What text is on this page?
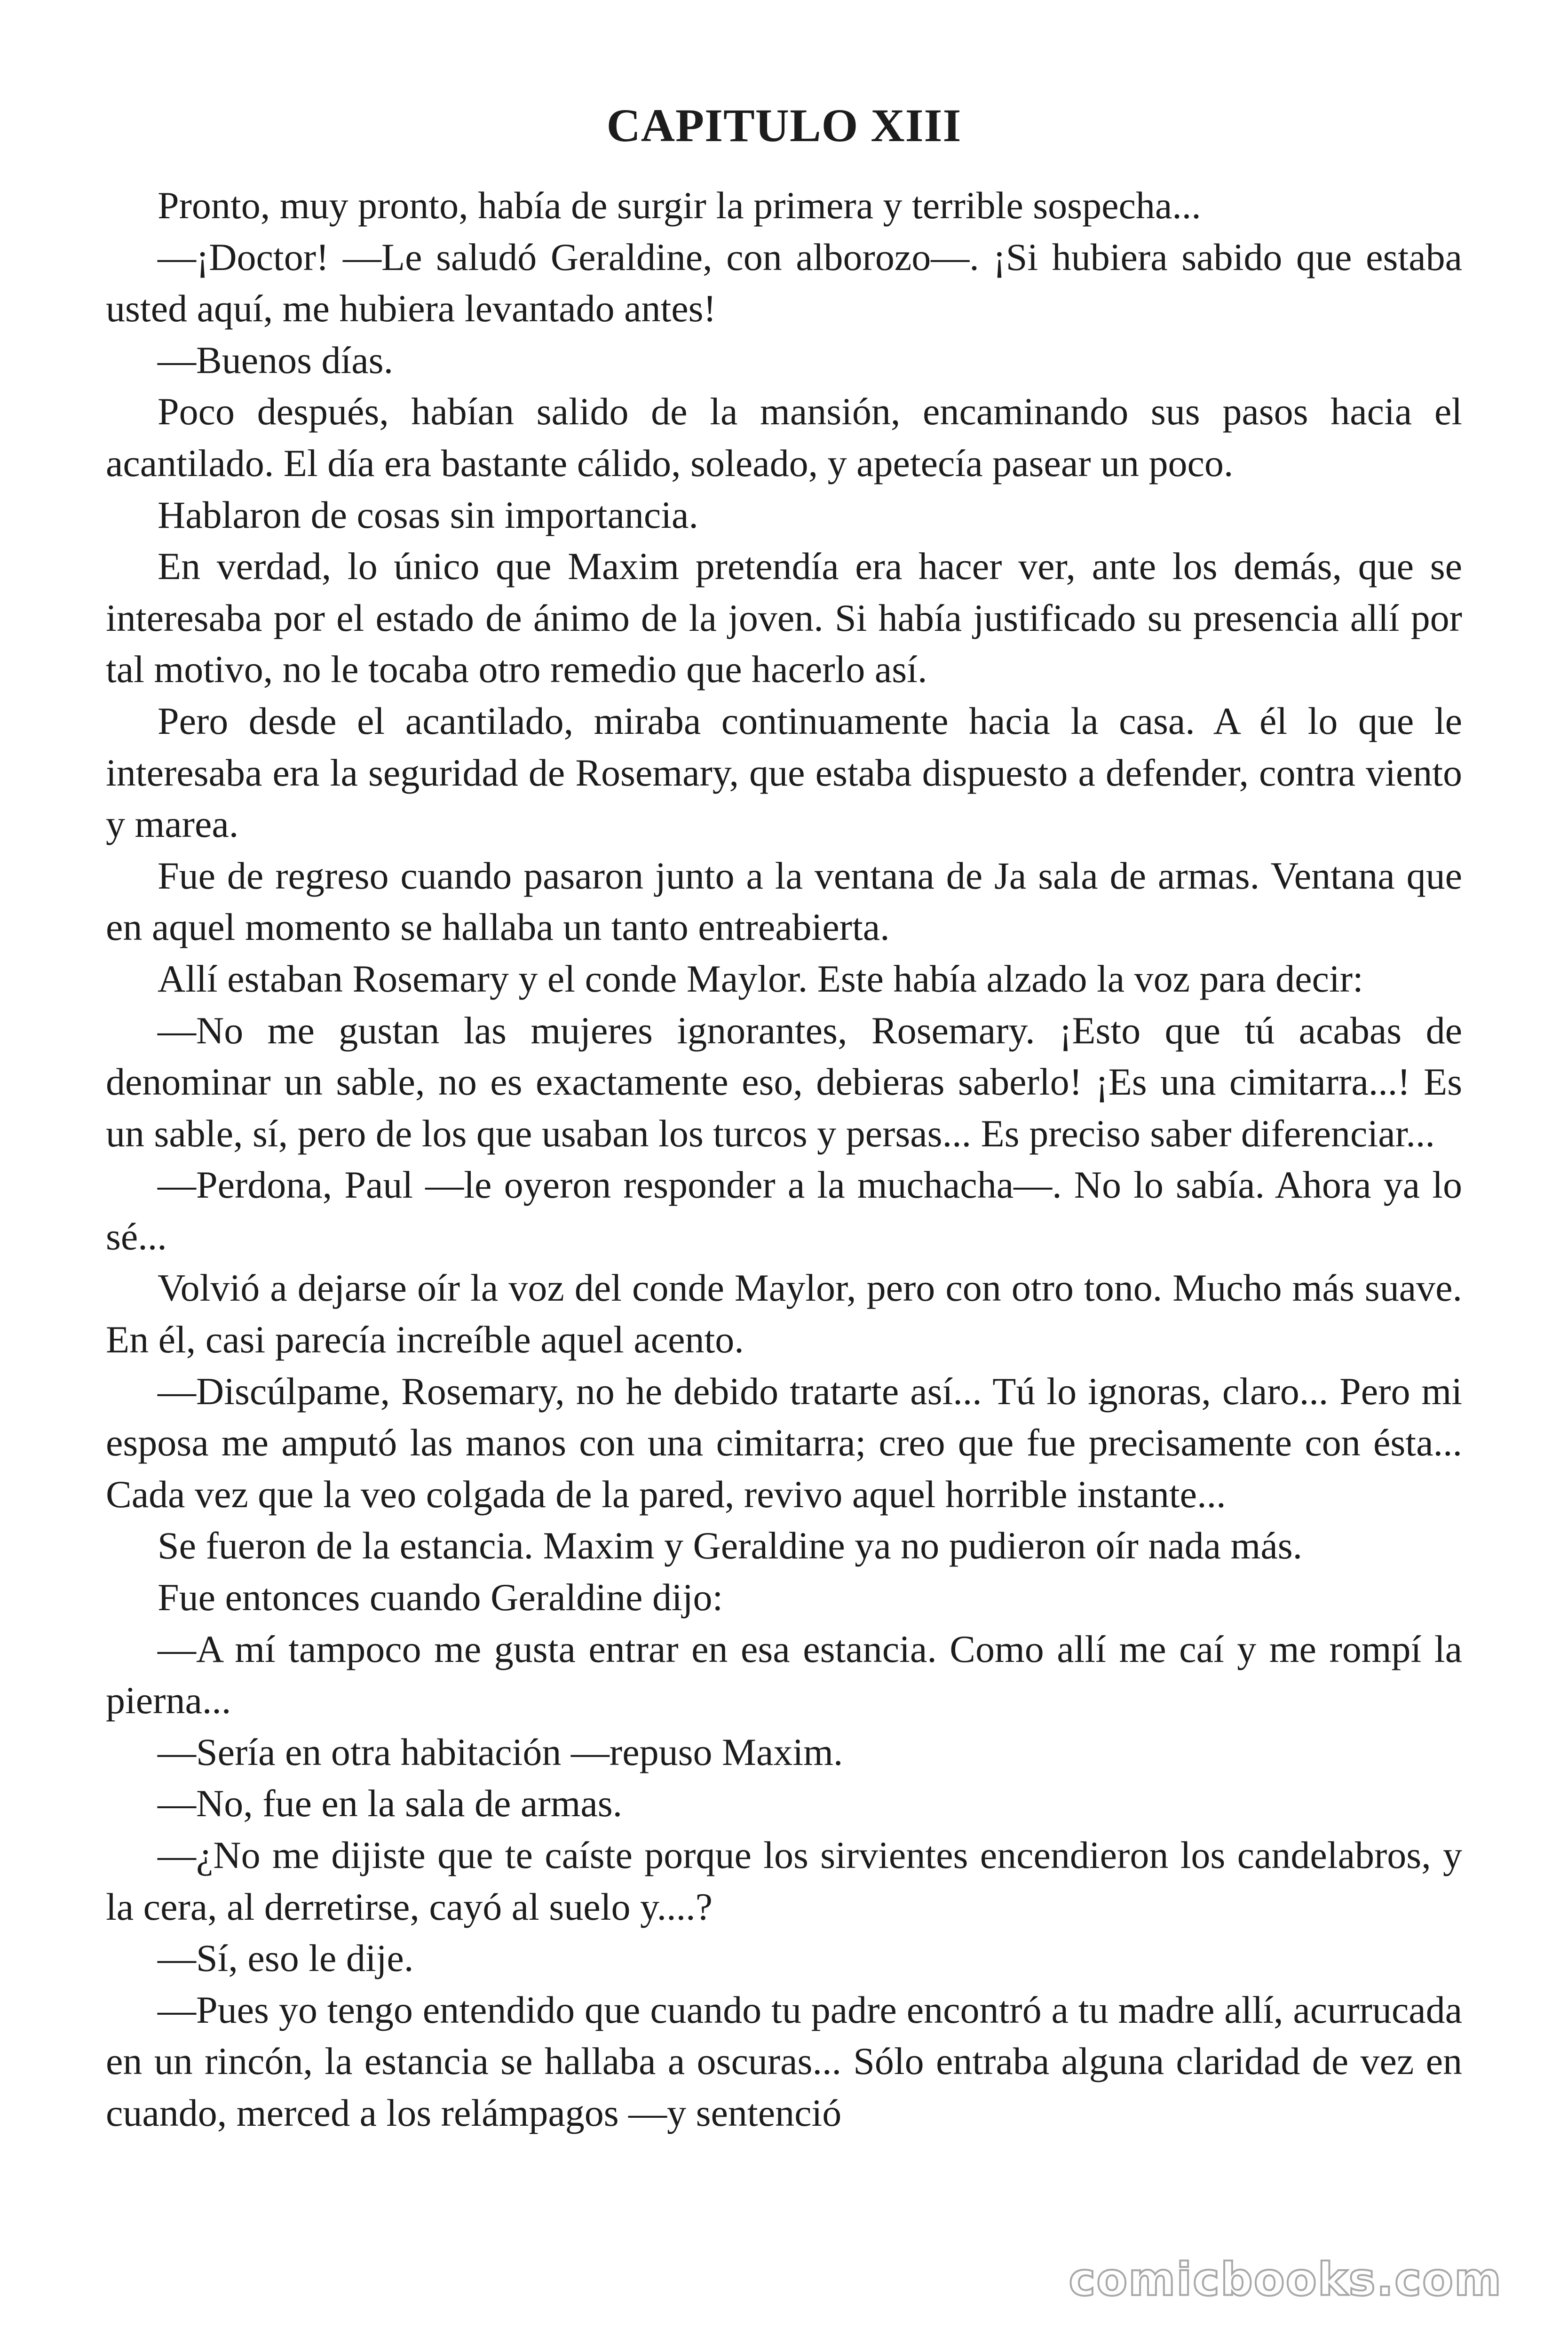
CAPITULO XIII

Pronto, muy pronto, había de surgir la primera y terrible sospecha...

—¡Doctor! —Le saludó Geraldine, con alborozo—. ¡Si hubiera sabido que estaba usted aquí, me hubiera levantado antes!

—Buenos días.

Poco después, habían salido de la mansión, encaminando sus pasos hacia el acantilado. El día era bastante cálido, soleado, y apetecía pasear un poco.

Hablaron de cosas sin importancia.

En verdad, lo único que Maxim pretendía era hacer ver, ante los demás, que se interesaba por el estado de ánimo de la joven. Si había justificado su presencia allí por tal motivo, no le tocaba otro remedio que hacerlo así.

Pero desde el acantilado, miraba continuamente hacia la casa. A él lo que le interesaba era la seguridad de Rosemary, que estaba dispuesto a defender, contra viento y marea.

Fue de regreso cuando pasaron junto a la ventana de Ja sala de armas. Ventana que en aquel momento se hallaba un tanto entreabierta.

Allí estaban Rosemary y el conde Maylor. Este había alzado la voz para decir:

—No me gustan las mujeres ignorantes, Rosemary. ¡Esto que tú acabas de denominar un sable, no es exactamente eso, debieras saberlo! ¡Es una cimitarra...! Es un sable, sí, pero de los que usaban los turcos y persas... Es preciso saber diferenciar...

—Perdona, Paul —le oyeron responder a la muchacha—. No lo sabía. Ahora ya lo sé...

Volvió a dejarse oír la voz del conde Maylor, pero con otro tono. Mucho más suave. En él, casi parecía increíble aquel acento.

—Discúlpame, Rosemary, no he debido tratarte así... Tú lo ignoras, claro... Pero mi esposa me amputó las manos con una cimitarra; creo que fue precisamente con ésta... Cada vez que la veo colgada de la pared, revivo aquel horrible instante...

Se fueron de la estancia. Maxim y Geraldine ya no pudieron oír nada más.

Fue entonces cuando Geraldine dijo:

—A mí tampoco me gusta entrar en esa estancia. Como allí me caí y me rompí la pierna...

—Sería en otra habitación —repuso Maxim.

—No, fue en la sala de armas.

—¿No me dijiste que te caíste porque los sirvientes encendieron los candelabros, y la cera, al derretirse, cayó al suelo y....?

—Sí, eso le dije.

—Pues yo tengo entendido que cuando tu padre encontró a tu madre allí, acurrucada en un rincón, la estancia se hallaba a oscuras... Sólo entraba alguna claridad de vez en cuando, merced a los relámpagos —y sentenció

comicbooks.com
